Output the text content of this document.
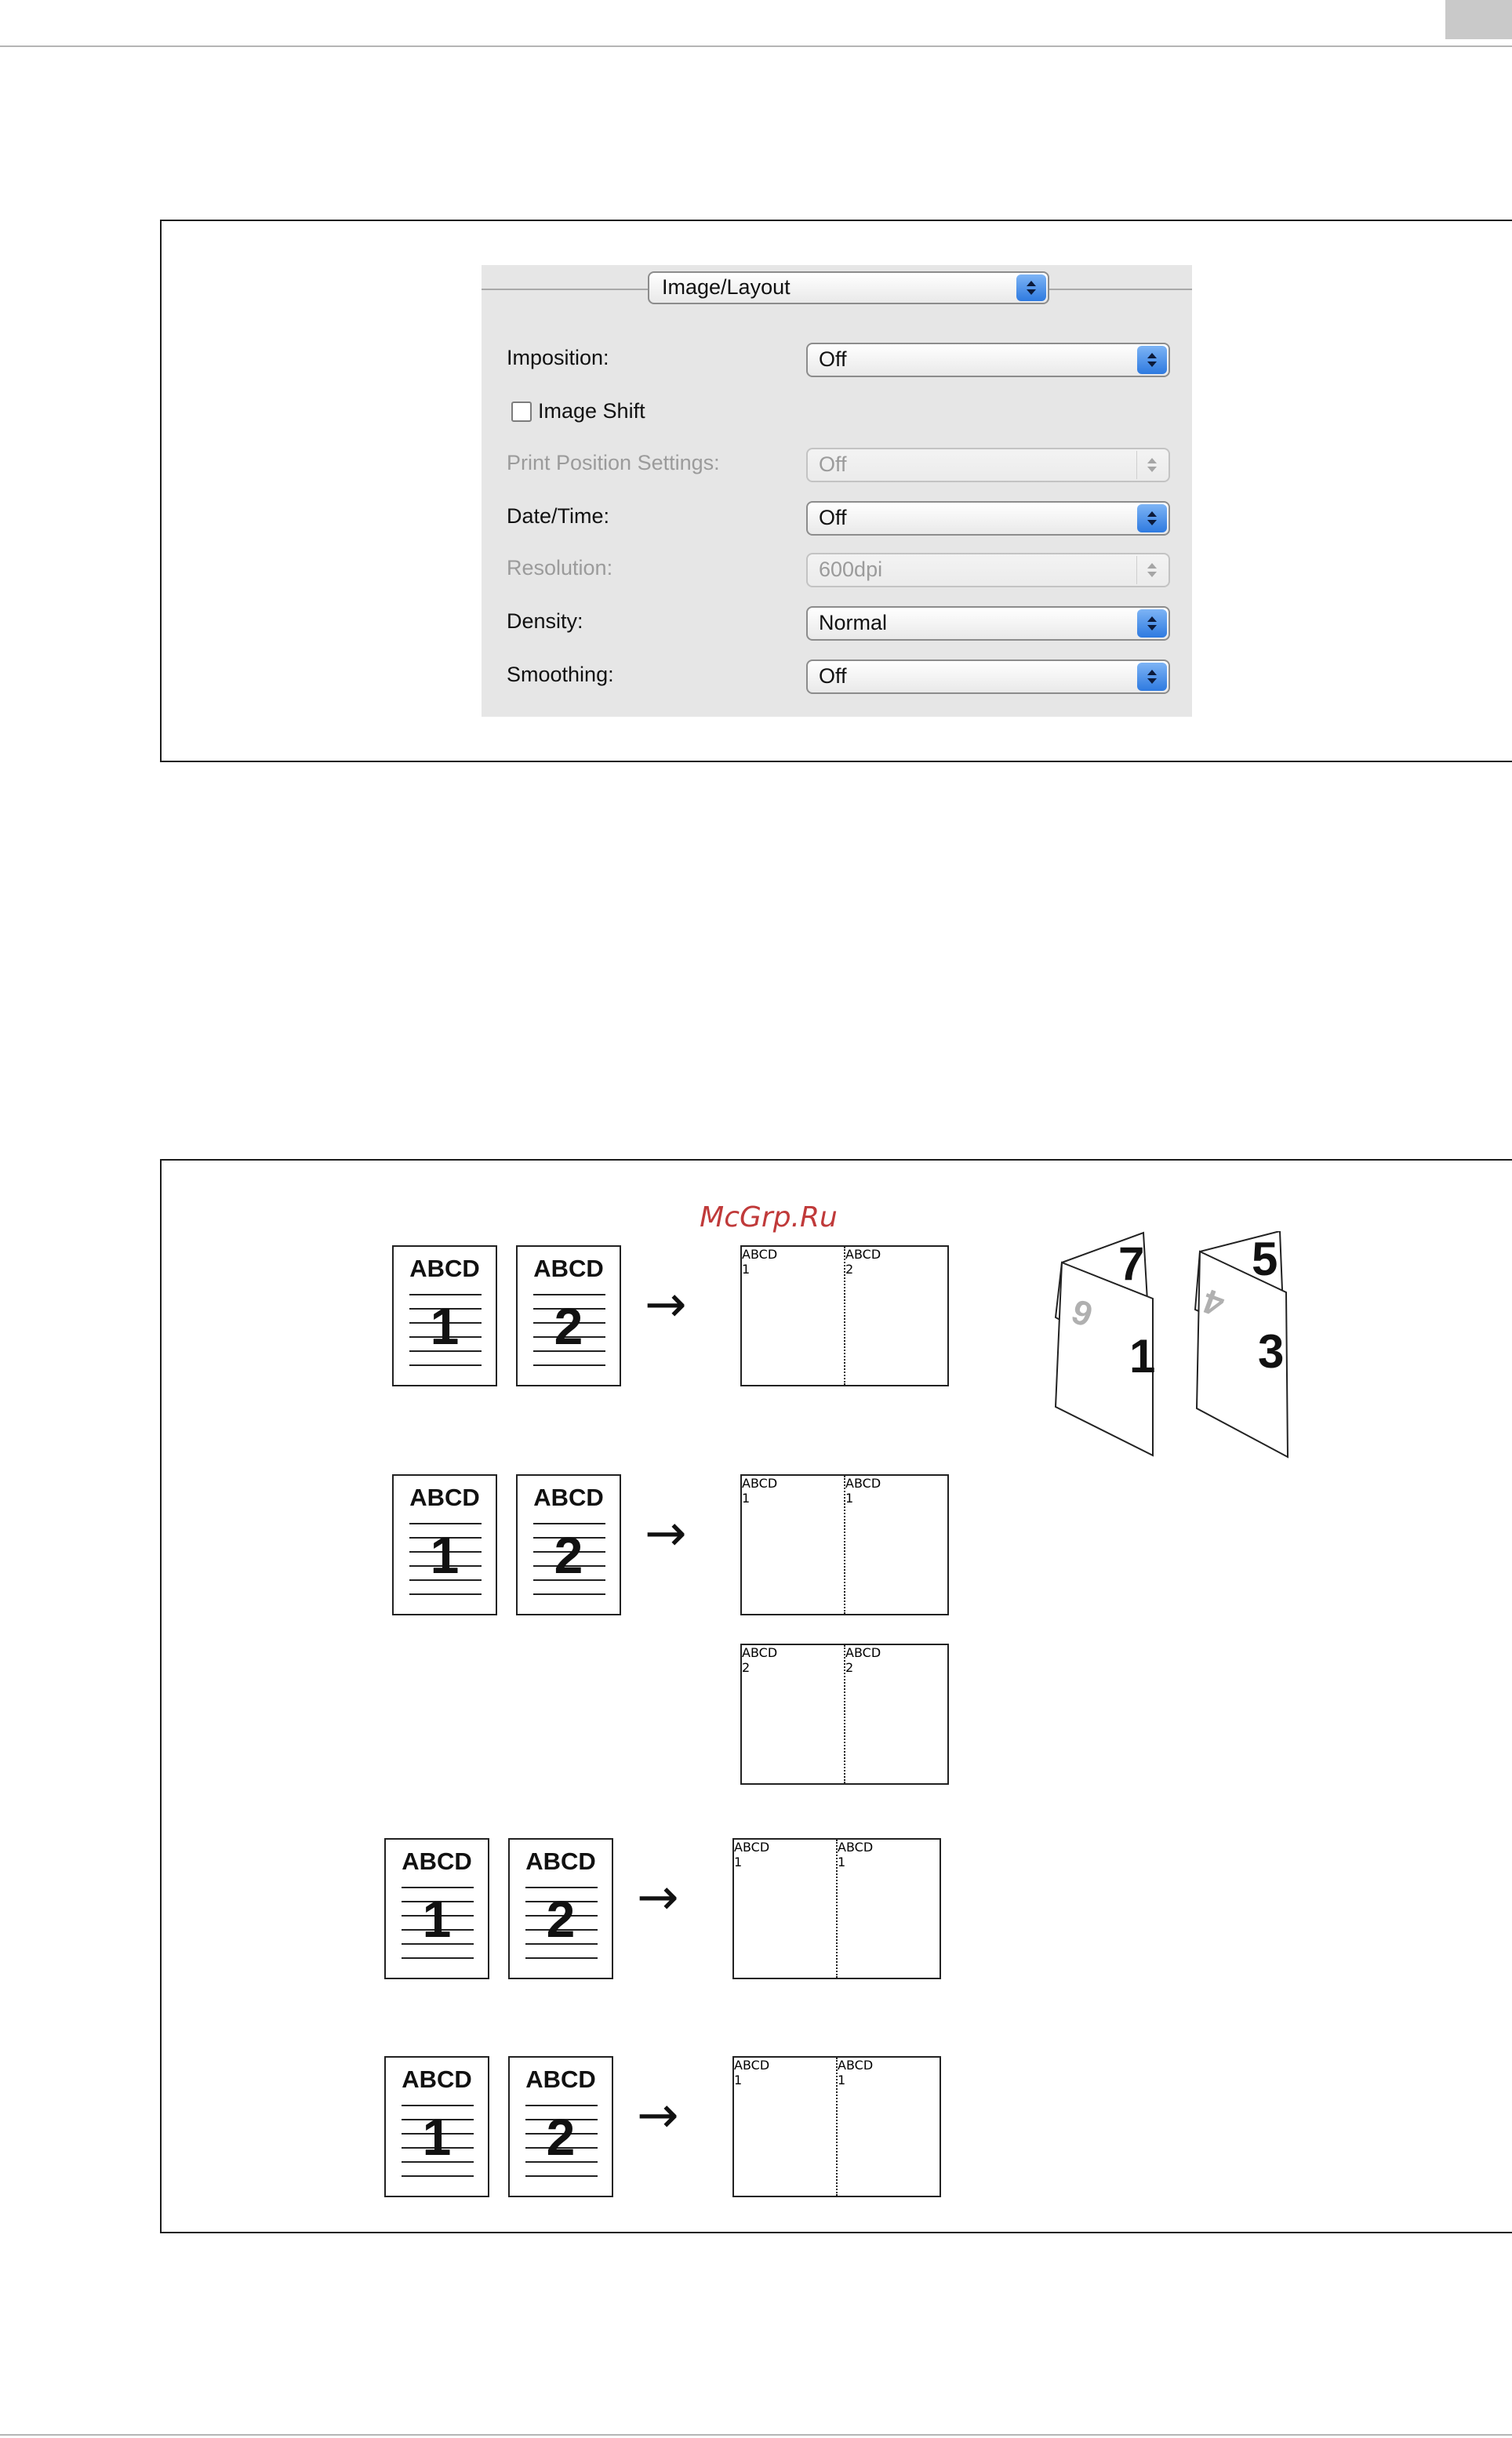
Image/Layout
Imposition:	Off
Image Shift
Print Position Settings:	Off
Date/Time:	Off
Resolution:	600dpi
Density:	Normal
Smoothing:	Off
McGrp.Ru
ABCD
1
ABCD
2	→
ABCD
1
ABCD
2	7
1
5
3
6	4
ABCD
1
ABCD
2	→
ABCD
1
ABCD
1
ABCD
2
ABCD
2
ABCD
1
ABCD
2	→
ABCD
1
ABCD
1
ABCD
1
ABCD
2	→
ABCD
1
ABCD
1
